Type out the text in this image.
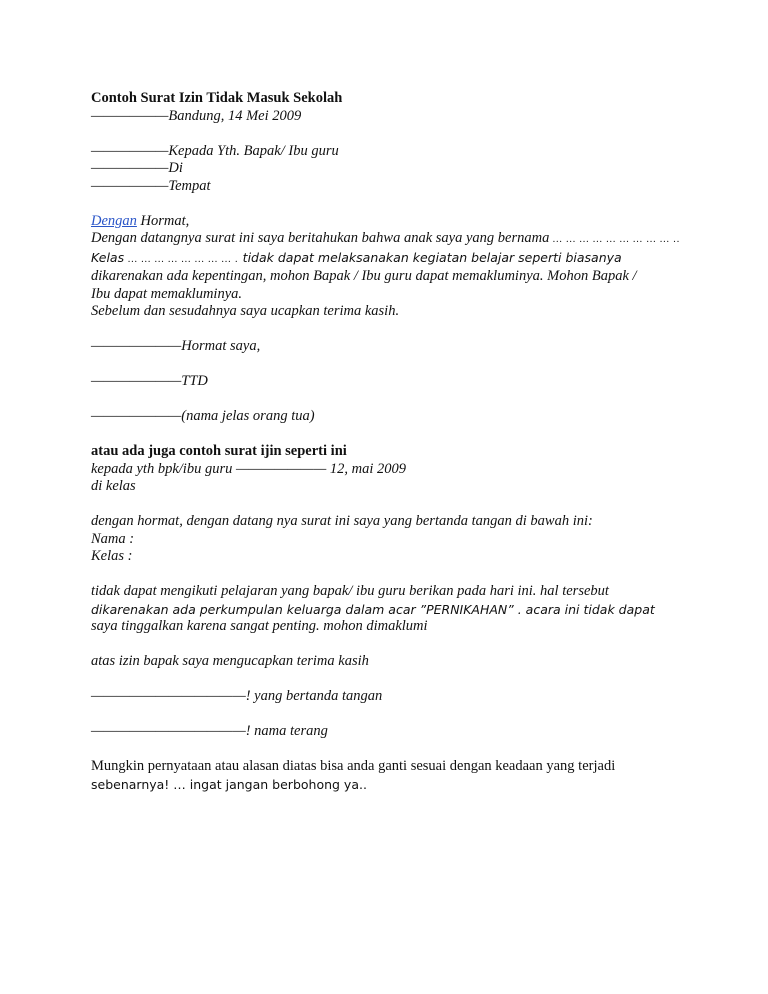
Contoh Surat Izin Tidak Masuk Sekolah
——————Bandung, 14 Mei 2009
——————Kepada Yth. Bapak/ Ibu guru
——————Di
——————Tempat
Dengan Hormat,
Dengan datangnya surat ini saya beritahukan bahwa anak saya yang bernama … … … … … … … … … ..
Kelas … … … … … … … … . tidak dapat melaksanakan kegiatan belajar seperti biasanya
dikarenakan ada kepentingan, mohon Bapak / Ibu guru dapat memakluminya. Mohon Bapak /
Ibu dapat memakluminya.
Sebelum dan sesudahnya saya ucapkan terima kasih.
———————Hormat saya,
———————TTD
———————(nama jelas orang tua)
atau ada juga contoh surat ijin seperti ini
kepada yth bpk/ibu guru ——————— 12, mai 2009
di kelas
dengan hormat, dengan datang nya surat ini saya yang bertanda tangan di bawah ini:
Nama :
Kelas :
tidak dapat mengikuti pelajaran yang bapak/ ibu guru berikan pada hari ini. hal tersebut
dikarenakan ada perkumpulan keluarga dalam acar ”PERNIKAHAN” . acara ini tidak dapat
saya tinggalkan karena sangat penting. mohon dimaklumi
atas izin bapak saya mengucapkan terima kasih
————————————! yang bertanda tangan
————————————! nama terang
Mungkin pernyataan atau alasan diatas bisa anda ganti sesuai dengan keadaan yang terjadi
sebenarnya! … ingat jangan berbohong ya..
